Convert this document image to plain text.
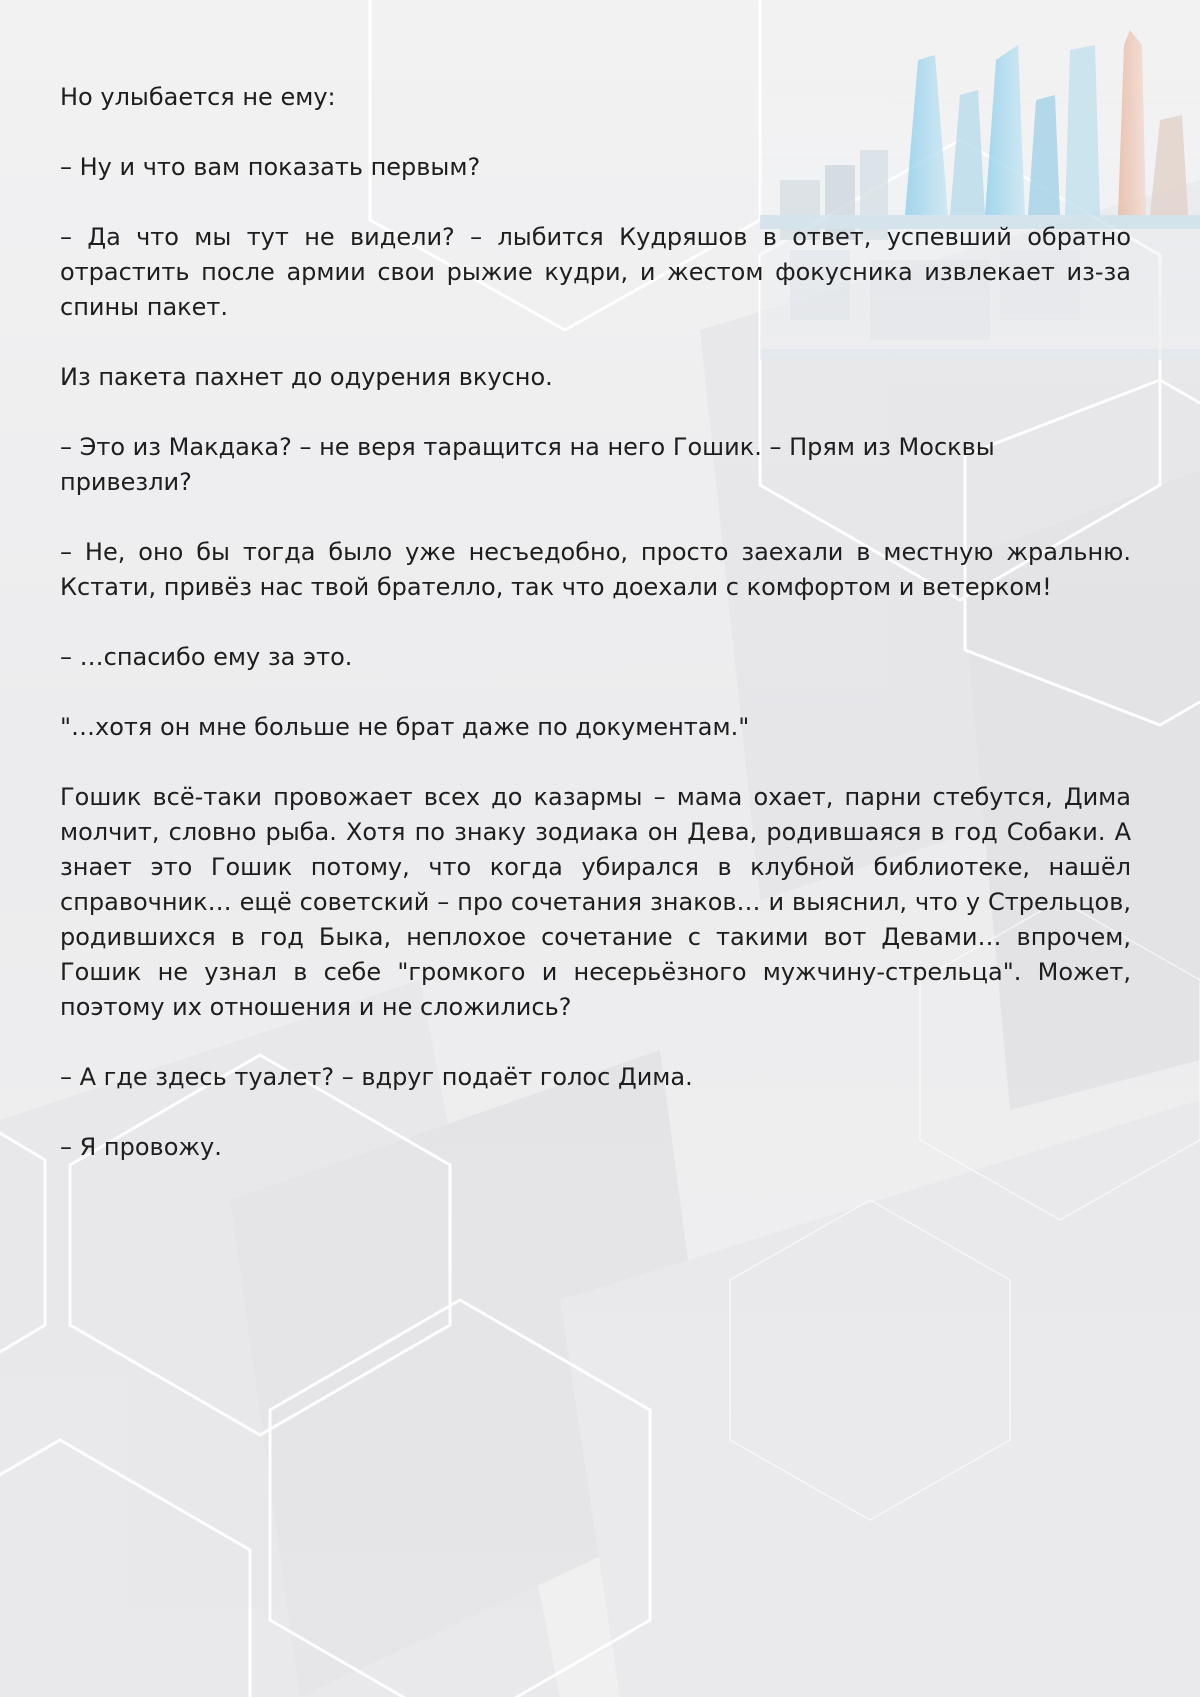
Но улыбается не ему:

– Ну и что вам показать первым?

– Да что мы тут не видели? – лыбится Кудряшов в ответ, успевший обратно отрастить после армии свои рыжие кудри, и жестом фокусника извлекает из-за спины пакет.

Из пакета пахнет до одурения вкусно.

– Это из Макдака? – не веря таращится на него Гошик. – Прям из Москвы привезли?

– Не, оно бы тогда было уже несъедобно, просто заехали в местную жральню. Кстати, привёз нас твой брателло, так что доехали с комфортом и ветерком!

– …спасибо ему за это.

"…хотя он мне больше не брат даже по документам."

Гошик всё-таки провожает всех до казармы – мама охает, парни стебутся, Дима молчит, словно рыба. Хотя по знаку зодиака он Дева, родившаяся в год Собаки. А знает это Гошик потому, что когда убирался в клубной библиотеке, нашёл справочник… ещё советский – про сочетания знаков… и выяснил, что у Стрельцов, родившихся в год Быка, неплохое сочетание с такими вот Девами… впрочем, Гошик не узнал в себе "громкого и несерьёзного мужчину-стрельца". Может, поэтому их отношения и не сложились?

– А где здесь туалет? – вдруг подаёт голос Дима.

– Я провожу.
